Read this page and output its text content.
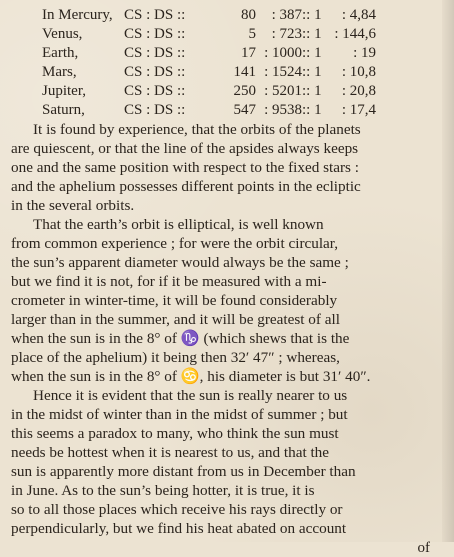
In Mercury, CS : DS ::	80	: 387 :: 1	: 4,84
Venus,	CS : DS ::	5	: 723 :: 1 : 144,6
Earth,	CS : DS ::	17 : 1000 :: 1	: 19
Mars,	CS : DS ::	141 : 1524 :: 1	: 10,8
Jupiter,	CS : DS ::	250 : 5201 :: 1	: 20,8
Saturn,	CS : DS ::	547 : 9538 :: 1	: 17,4
It is found by experience, that the orbits of the planets
are quiescent, or that the line of the apsides always keeps
one and the same position with respect to the fixed stars :
and the aphelium possesses different points in the ecliptic
in the several orbits.
That the earth’s orbit is elliptical, is well known
from common experience ; for were the orbit circular,
the sun’s apparent diameter would always be the same ;
but we find it is not, for if it be measured with a mi-
crometer in winter-time, it will be found considerably
larger than in the summer, and it will be greatest of all
when the sun is in the 8° of ♑ (which shews that is the
place of the aphelium) it being then 32′ 47″ ; whereas,
when the sun is in the 8° of ♋, his diameter is but 31′ 40″.
Hence it is evident that the sun is really nearer to us
in the midst of winter than in the midst of summer ; but
this seems a paradox to many, who think the sun must
needs be hottest when it is nearest to us, and that the
sun is apparently more distant from us in December than
in June. As to the sun’s being hotter, it is true, it is
so to all those places which receive his rays directly or
perpendicularly, but we find his heat abated on account
of
